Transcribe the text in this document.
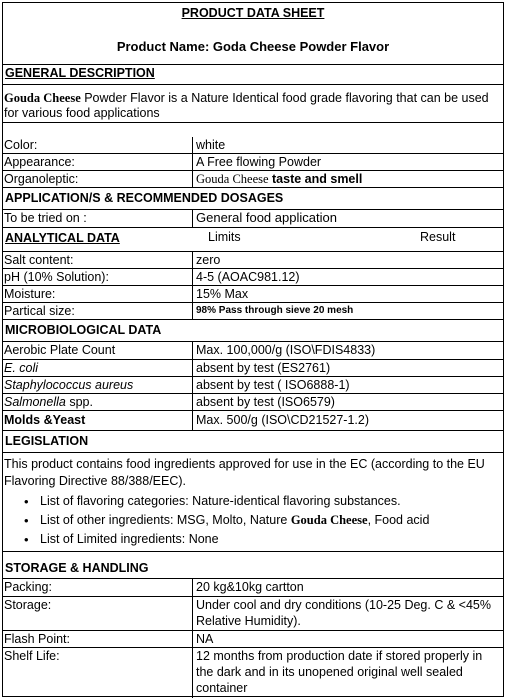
PRODUCT DATA SHEET
Product Name: Goda Cheese Powder Flavor
GENERAL DESCRIPTION
Gouda Cheese Powder Flavor is a Nature Identical food grade flavoring that can be used for various food applications
Color:	white
Appearance:	A Free flowing Powder
Organoleptic:	Gouda Cheese taste and smell
APPLICATION/S & RECOMMENDED DOSAGES
To be tried on :	General food application
ANALYTICAL DATA	Limits	Result
Salt content:	zero
pH (10% Solution):	4-5 (AOAC981.12)
Moisture:	15% Max
Partical size:	98% Pass through sieve 20 mesh
MICROBIOLOGICAL DATA
Aerobic Plate Count	Max. 100,000/g (ISO\FDIS4833)
E. coli	absent by test (ES2761)
Staphylococcus aureus	absent by test ( ISO6888-1)
Salmonella spp.	absent by test (ISO6579)
Molds &Yeast	Max. 500/g (ISO\CD21527-1.2)
LEGISLATION
This product contains food ingredients approved for use in the EC (according to the EU Flavoring Directive 88/388/EEC).
• List of flavoring categories: Nature-identical flavoring substances.
• List of other ingredients: MSG, Molto, Nature Gouda Cheese, Food acid
• List of Limited ingredients: None
STORAGE & HANDLING
Packing:	20 kg&10kg cartton
Storage:	Under cool and dry conditions (10-25 Deg. C & <45% Relative Humidity).
Flash Point:	NA
Shelf Life:	12 months from production date if stored properly in the dark and in its unopened original well sealed container
